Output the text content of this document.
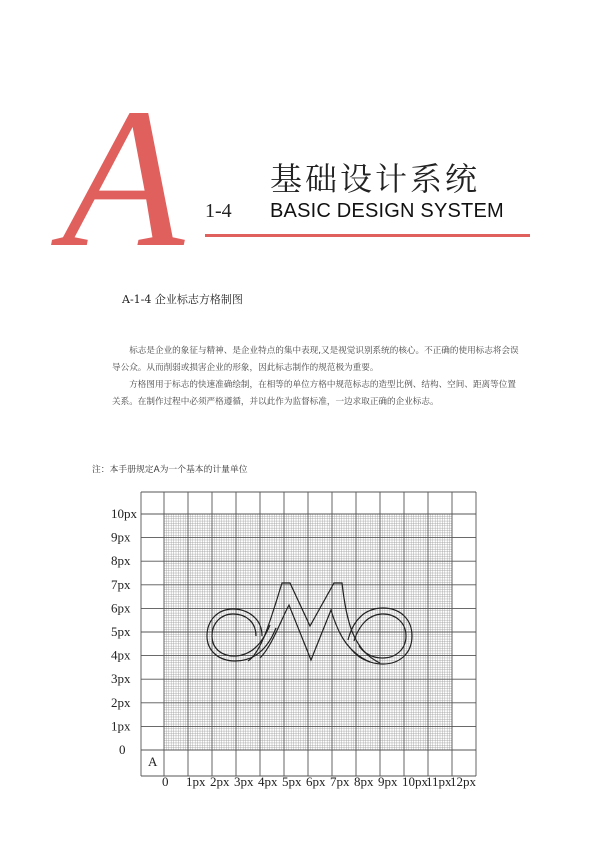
A	基础设计系统
1-4 BASIC DESIGN SYSTEM
A-1-4 企业标志方格制图

标志是企业的象征与精神、是企业特点的集中表现,又是视觉识别系统的核心。不正确的使用标志将会误导公众。从而削弱或损害企业的形象，因此标志制作的规范极为重要。

方格图用于标志的快速准确绘制，在相等的单位方格中规范标志的造型比例、结构、空间、距离等位置关系。在制作过程中必须严格遵循，并以此作为监督标准，一边求取正确的企业标志。

注：本手册规定A为一个基本的计量单位
A
0
1px
2px
3px
4px
5px
6px
7px
8px
9px
10px
0 1px 2px 3px 4px 5px 6px 7px 8px 9px 10px
11px
12px
